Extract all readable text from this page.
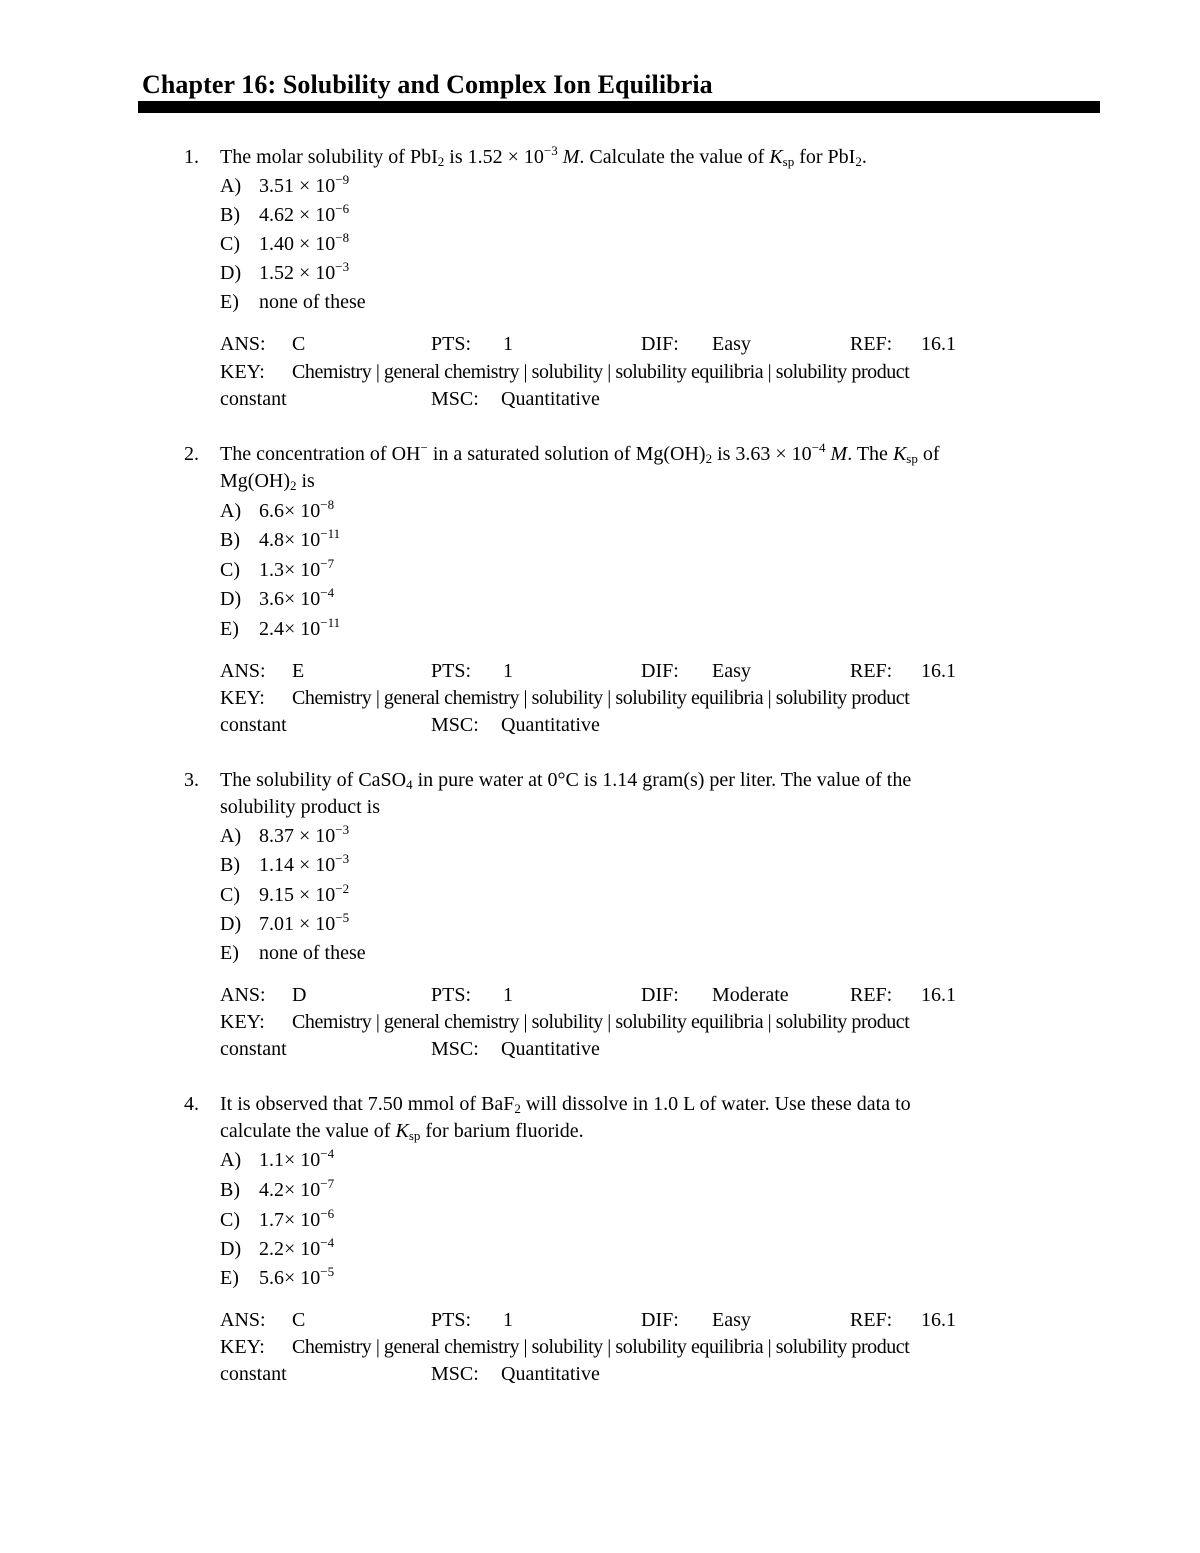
Chapter 16: Solubility and Complex Ion Equilibria
1. The molar solubility of PbI$_2$ is $1.52 \times 10^{-3}$ M. Calculate the value of $K_{sp}$ for PbI$_2$.
A) $3.51 \times 10^{-9}$
B) $4.62 \times 10^{-6}$
C) $1.40 \times 10^{-8}$
D) $1.52 \times 10^{-3}$
E) none of these
ANS: C	PTS: 1	DIF: Easy	REF: 16.1
KEY: Chemistry | general chemistry | solubility | solubility equilibria | solubility product
constant	MSC: Quantitative
2. The concentration of OH− in a saturated solution of $Mg(OH)_2$ is $3.63 \times 10^{-4}$ M. The $K_{sp}$ of
$Mg(OH)_2$ is
A) $6.6\times 10^{-8}$
B) $4.8\times 10^{-11}$
C) $1.3\times 10^{-7}$
D) $3.6\times 10^{-4}$
E) $2.4\times 10^{-11}$
ANS: E	PTS: 1	DIF: Easy	REF: 16.1
KEY: Chemistry | general chemistry | solubility | solubility equilibria | solubility product
constant	MSC: Quantitative
3. The solubility of CaSO$_4$ in pure water at 0°C is 1.14 gram(s) per liter. The value of the
solubility product is
A) $8.37 \times 10^{-3}$
B) $1.14 \times 10^{-3}$
C) $9.15 \times 10^{-2}$
D) $7.01 \times 10^{-5}$
E) none of these
ANS: D	PTS: 1	DIF: Moderate	REF: 16.1
KEY: Chemistry | general chemistry | solubility | solubility equilibria | solubility product
constant	MSC: Quantitative
4. It is observed that 7.50 mmol of BaF$_2$ will dissolve in 1.0 L of water. Use these data to
calculate the value of $K_{sp}$ for barium fluoride.
A) $1.1\times 10^{-4}$
B) $4.2\times 10^{-7}$
C) $1.7\times 10^{-6}$
D) $2.2\times 10^{-4}$
E) $5.6\times 10^{-5}$
ANS: C	PTS: 1	DIF: Easy	REF: 16.1
KEY: Chemistry | general chemistry | solubility | solubility equilibria | solubility product
constant	MSC: Quantitative
